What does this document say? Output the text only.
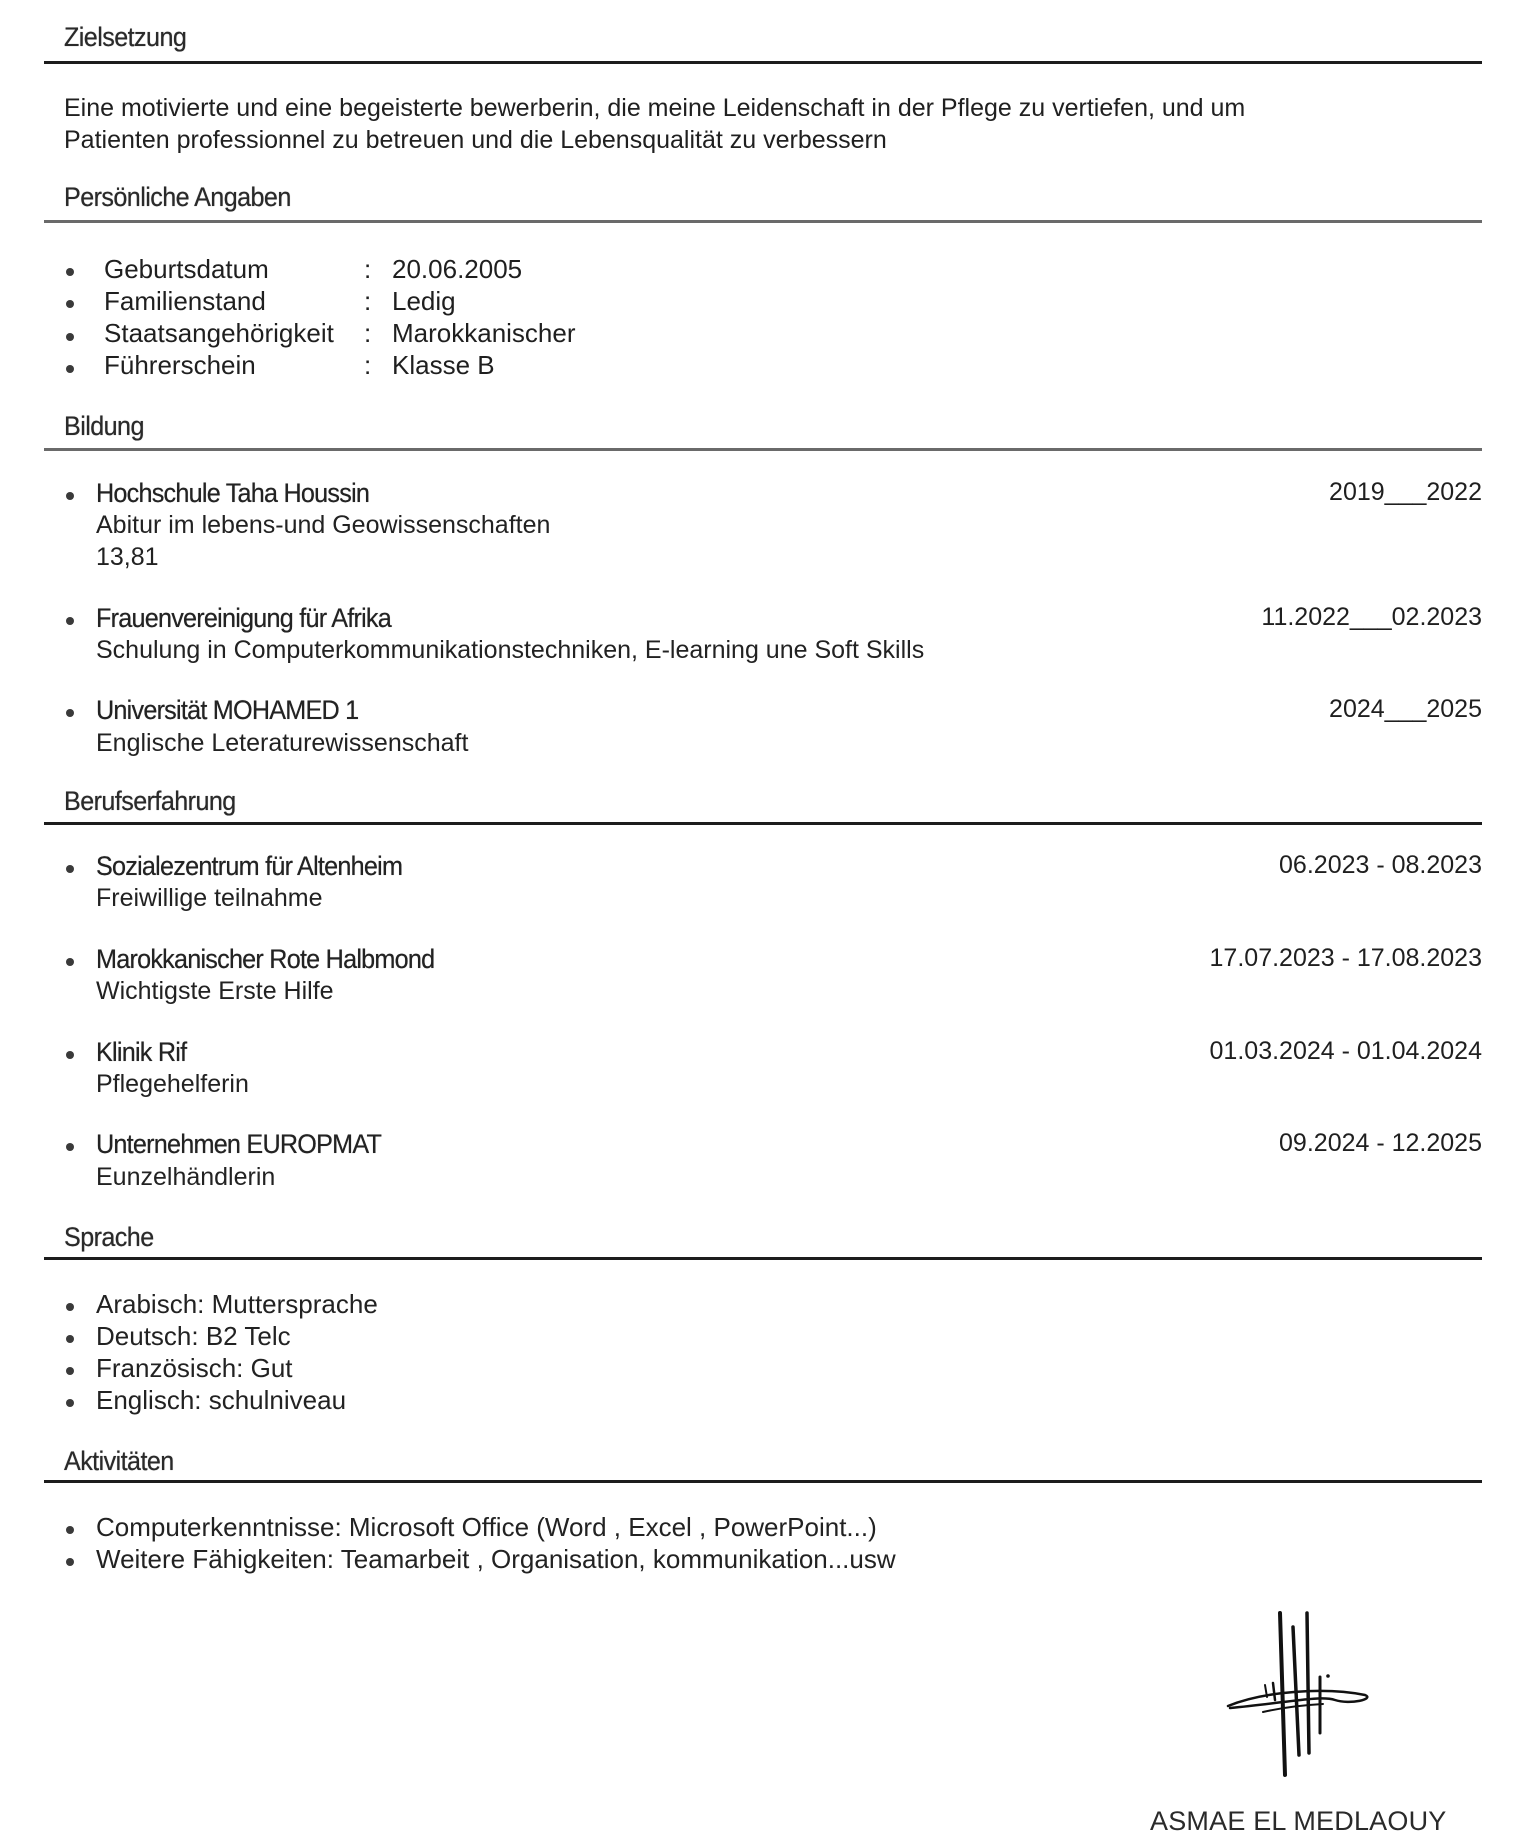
Zielsetzung
Eine motivierte und eine begeisterte bewerberin, die meine Leidenschaft in der Pflege zu vertiefen, und um
Patienten professionnel zu betreuen und die Lebensqualität zu verbessern
Persönliche Angaben
Geburtsdatum	: 20.06.2005
Familienstand	: Ledig
Staatsangehörigkeit : Marokkanischer
Führerschein	: Klasse B
Bildung
Hochschule Taha Houssin	2019___2022
Abitur im lebens-und Geowissenschaften
13,81
Frauenvereinigung für Afrika	11.2022___02.2023
Schulung in Computerkommunikationstechniken, E-learning une Soft Skills
Universität MOHAMED 1	2024___2025
Englische Leteraturewissenschaft
Berufserfahrung
Sozialezentrum für Altenheim	06.2023 - 08.2023
Freiwillige teilnahme
Marokkanischer Rote Halbmond	17.07.2023 - 17.08.2023
Wichtigste Erste Hilfe
Klinik Rif	01.03.2024 - 01.04.2024
Pflegehelferin
Unternehmen EUROPMAT	09.2024 - 12.2025
Eunzelhändlerin
Sprache
Arabisch: Muttersprache
Deutsch: B2 Telc
Französisch: Gut
Englisch: schulniveau
Aktivitäten
Computerkenntnisse: Microsoft Office (Word , Excel , PowerPoint...)
Weitere Fähigkeiten: Teamarbeit , Organisation, kommunikation...usw
ASMAE EL MEDLAOUY
